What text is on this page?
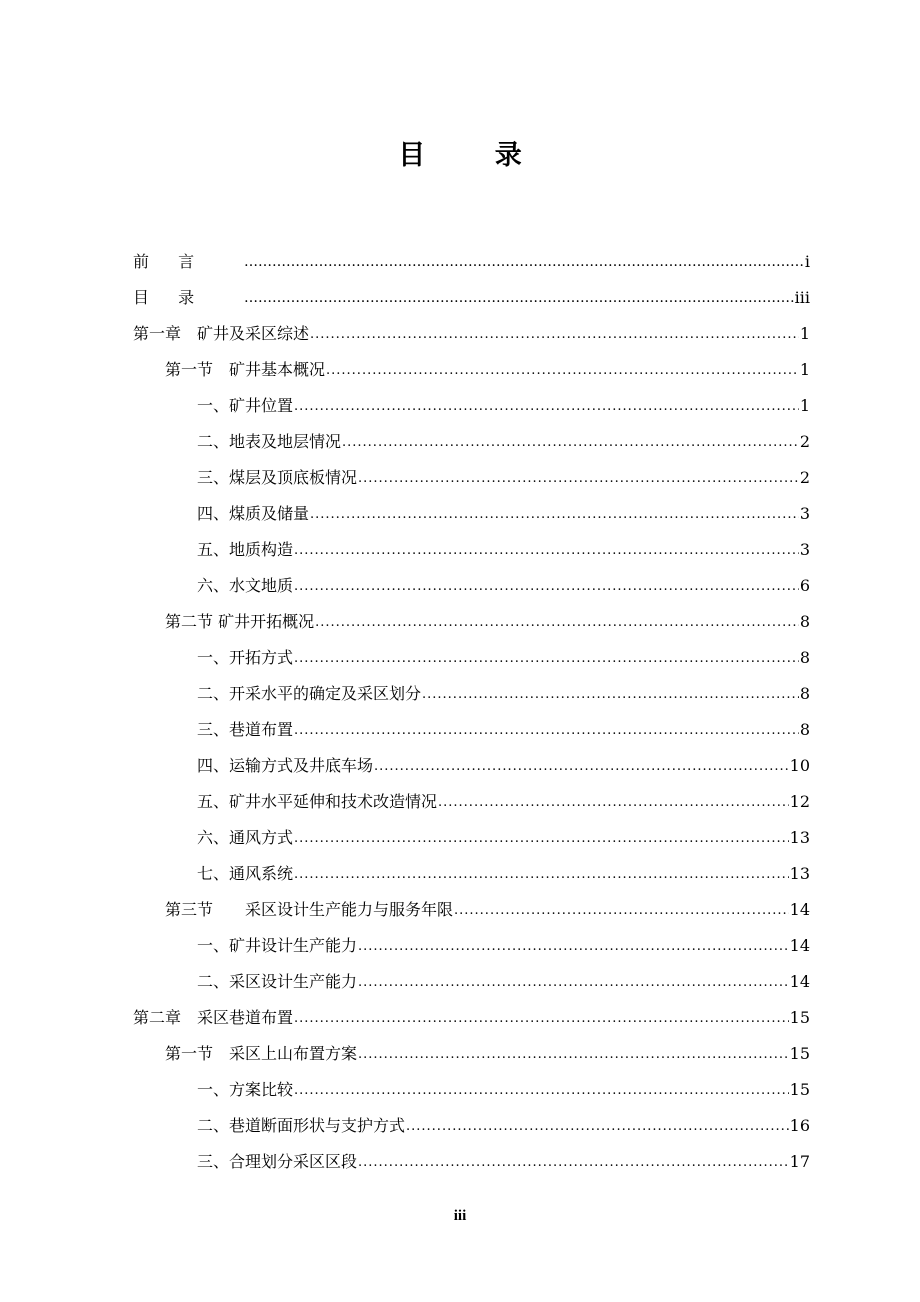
目 录
前 言 ……………………………………………………………………………………………………………………	i
目 录 ……………………………………………………………………………………………………………………	iii
第一章　矿井及采区综述 .....	1
第一节　矿井基本概况 .....	1
一、矿井位置 .....	1
二、地表及地层情况 .....	2
三、煤层及顶底板情况 .....	2
四、煤质及储量 .....	3
五、地质构造 .....	3
六、水文地质 .....	6
第二节 矿井开拓概况 .....	8
一、开拓方式 .....	8
二、开采水平的确定及采区划分 .....	8
三、巷道布置 .....	8
四、运输方式及井底车场 .....	10
五、矿井水平延伸和技术改造情况 .....	12
六、通风方式 .....	13
七、通风系统 .....	13
第三节　　采区设计生产能力与服务年限 .....	14
一、矿井设计生产能力 .....	14
二、采区设计生产能力 .....	14
第二章　采区巷道布置 .....	15
第一节　采区上山布置方案 .....	15
一、方案比较 .....	15
二、巷道断面形状与支护方式 .....	16
三、合理划分采区区段 .....	17
iii
